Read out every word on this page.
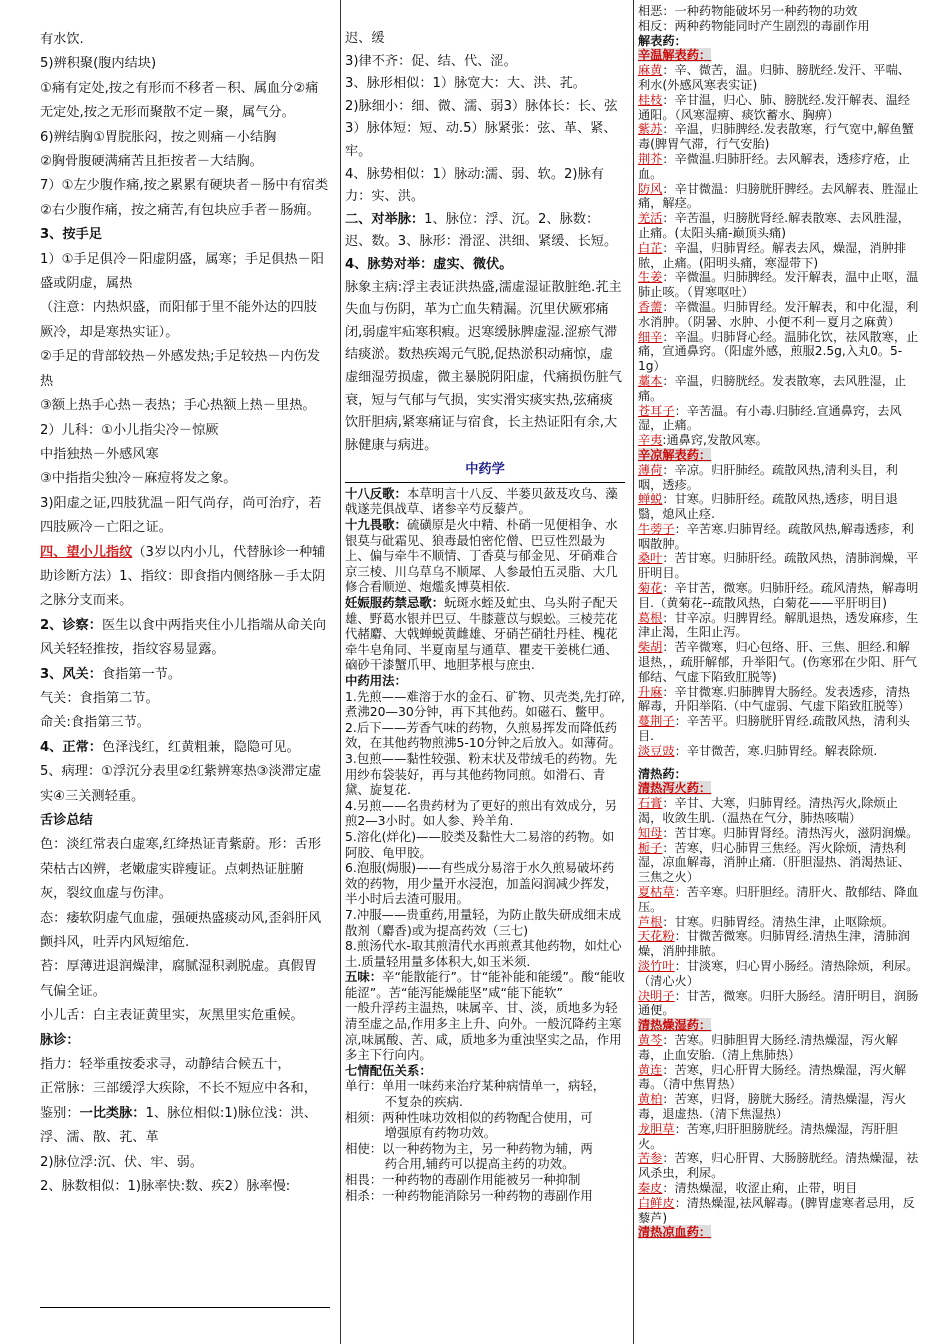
有水饮.
5)辨积聚(腹内结块)
①痛有定处,按之有形而不移者－积、属血分②痛无定处,按之无形而聚散不定－聚，属气分。
6)辨结胸①胃脘胀闷，按之则痛－小结胸
②胸骨腹硬满痛苦且拒按者－大结胸。
7）①左少腹作痛,按之累累有硬块者－肠中有宿类②右少腹作痛，按之痛苦,有包块应手者－肠痈。
3、按手足
1）①手足俱冷－阳虚阴盛，属寒；手足俱热－阳盛或阴虚，属热
（注意：内热炽盛，而阳郁于里不能外达的四肢厥冷，却是寒热实证）。
②手足的背部较热－外感发热;手足较热－内伤发热
③额上热手心热－表热；手心热额上热－里热。
2）儿科：①小儿指尖冷－惊厥
中指独热－外感风寒
③中指指尖独冷－麻痘将发之象。
3)阳虚之证,四肢犹温－阳气尚存，尚可治疗，若四肢厥冷－亡阳之证。
四、望小儿指纹（3岁以内小儿，代替脉诊一种辅助诊断方法）1、指纹：即食指内侧络脉－手太阴之脉分支而来。
2、诊察：医生以食中两指夹住小儿指端从命关向风关轻轻推按，指纹容易显露。
3、风关：食指第一节。
气关：食指第二节。
命关:食指第三节。
4、正常：色泽浅红，红黄粗兼，隐隐可见。
5、病理：①浮沉分表里②红紫辨寒热③淡滞定虚实④三关测轻重。
舌诊总结
色：淡红常表白虚寒,红绛热证青紫蔚。形：舌形荣枯古凶辨，老嫩虚实辟瘦证。点刺热证脏腑灰，裂纹血虚与伤津。
态：痿软阴虚气血虚，强硬热盛痰动风,歪斜肝风颤抖风，吐弄内风短缩危.
苔：厚薄进退润燥津，腐腻湿积剥脱虚。真假胃气偏全证。
小儿舌：白主表证黄里实，灰黑里实危重候。
脉诊：
指力：轻举重按委求寻，动静结合候五十，
正常脉：三部缓浮大疾除，不长不短应中各和，鉴别：一比类脉：1、脉位相似:1)脉位浅：洪、浮、濡、散、芤、革
2)脉位浮:沉、伏、牢、弱。
2、脉数相似：1)脉率快:数、疾2）脉率慢:
迟、缓
3)律不齐：促、结、代、涩。
3、脉形相似：1）脉宽大：大、洪、芤。
2)脉细小：细、微、濡、弱3）脉体长：长、弦
3）脉体短：短、动.5）脉紧张：弦、革、紧、牢。
4、脉势相似：1）脉动:濡、弱、软。2)脉有力：实、洪。
二、对举脉：1、脉位：浮、沉。2、脉数：迟、数。3、脉形：滑涩、洪细、紧缓、长短。
4、脉势对举：虚实、微伏。
脉象主病:浮主表证洪热盛,濡虚湿证散脏绝.芤主失血与伤阴，革为亡血失精漏。沉里伏厥邪痛闭,弱虚牢疝寒积瘕。迟寒缓脉脾虚湿.涩瘀气滞结痰淤。数热疾竭元气脱,促热淤积动痛惊，虚虚细湿劳损虚，微主暴脱阴阳虚，代痛损伤脏气衰，短与气郁与气损，实实滑实痰实热,弦痛痰饮肝胆病,紧寒痛证与宿食，长主热证阳有余,大脉健康与病进。
中药学
十八反歌：本草明言十八反、半蒌贝蔹芨攻乌、藻戟遂芫俱战草、诸参辛芍反藜芦。
十九畏歌：硫磺原是火中精、朴硝一见便相争、水银莫与砒霜见、狼毒最怕密佗僧、巴豆性烈最为上、偏与牵牛不顺情、丁香莫与郁金见、牙硝难合京三棱、川乌草乌不顺犀、人参最怕五灵脂、大几修合看顺逆、炮爁炙博莫相依.
妊娠服药禁忌歌：蚖斑水蛭及虻虫、乌头附子配天雄、野葛水银并巴豆、牛膝薏苡与蜈蚣。三棱芫花代赭麝、大戟蝉蜕黄雌雄、牙硝芒硝牡丹桂、槐花牵牛皂角同、半夏南星与通草、瞿麦干姜桃仁通、硇砂干漆蟹爪甲、地胆茅根与庶虫.
中药用法：
1.先煎——难溶于水的金石、矿物、贝壳类,先打碎,煮沸20—30分钟，再下其他药。如磁石、鳖甲。
2.后下——芳香气味的药物，久煎易挥发而降低药效，在其他药物煎沸5-10分钟之后放入。如薄荷。
3.包煎——黏性较强、粉末状及带绒毛的药物。先用纱布袋装好，再与其他药物同煎。如滑石、青黛、旋复花.
4.另煎——名贵药材为了更好的煎出有效成分，另煎2—3小时。如人参、羚羊角.
5.溶化(烊化)——胶类及黏性大二易溶的药物。如阿胶、龟甲胶。
6.泡服(焗服)——有些成分易溶于水久煎易破坏药效的药物，用少量开水浸泡，加盖闷润减少挥发，半小时后去渣可服用。
7.冲服——贵重药,用量轻，为防止散失研成细末成散剂（麝香)或为提高药效（三七)
8.煎汤代水-取其煎清代水再煎煮其他药物，如灶心土.质量轻用量多体积大,如玉米须.
五味：辛“能散能行”。甘“能补能和能缓”。酸“能收能涩”。苦“能泻能燥能坚”咸“能下能软”
一般升浮药主温热，味属辛、甘、淡，质地多为轻清至虚之品,作用多主上升、向外。一般沉降药主寒凉,味属酸、苦、咸，质地多为重浊坚实之品，作用多主下行向内。
七情配伍关系：
单行：单用一味药来治疗某种病情单一，病轻，
不复杂的疾病.
相须：两种性味功效相似的药物配合使用，可
增强原有药物功效。
相使：以一种药物为主，另一种药物为辅，两
药合用,辅药可以提高主药的功效。
相畏：一种药物的毒副作用能被另一种抑制
相杀：一种药物能消除另一种药物的毒副作用
相恶：一种药物能破坏另一种药物的功效
相反：两种药物能同时产生剧烈的毒副作用
解表药：
辛温解表药：
麻黄：辛、微苦，温。归肺、膀胱经.发汗、平喘、利水(外感风寒表实证)
桂枝：辛甘温，归心、肺、膀胱经.发汗解表、温经通阳。（风寒湿痹、痰饮蓄水、胸痹）
紫苏：辛温，归肺脾经.发表散寒，行气宽中,解鱼蟹毒(脾胃气滞，行气安胎)
荆芥：辛微温.归肺肝经。去风解表，透疹疗疮，止血。
防风：辛甘微温：归膀胱肝脾经。去风解表、胜湿止痛，解痉。
羌活：辛苦温，归膀胱肾经.解表散寒、去风胜湿，止痛。(太阳头痛-巅顶头痛)
白芷：辛温，归肺胃经。解表去风，燥湿，消肿排脓，止痛。(阳明头痛，寒湿带下)
生姜：辛微温。归肺脾经。发汗解表，温中止呕，温肺止咳。（胃寒呕吐）
香薷：辛微温。归肺胃经。发汗解表，和中化湿，利水消肿。（阴暑、水肿、小便不利－夏月之麻黄）
细辛：辛温。归肺肾心经。温肺化饮，祛风散寒，止痛，宣通鼻窍。（阳虚外感，煎服2.5g,入丸0。5-1g）
藁本：辛温，归膀胱经。发表散寒，去风胜湿，止痛。
苍耳子：辛苦温。有小毒.归肺经.宣通鼻窍，去风湿，止痛。
辛夷:通鼻窍,发散风寒。
辛凉解表药：
薄荷：辛凉。归肝肺经。疏散风热,清利头目，利咽，透疹。
蝉蜕：甘寒。归肺肝经。疏散风热,透疹，明目退翳，熄风止痉.
牛蒡子：辛苦寒.归肺胃经。疏散风热,解毒透疹，利咽散肿。
桑叶：苦甘寒。归肺肝经。疏散风热，清肺润燥，平肝明目。
菊花：辛甘苦，微寒。归肺肝经。疏风清热，解毒明目.（黄菊花--疏散风热，白菊花——平肝明目)
葛根：甘辛凉。归脾胃经。解肌退热，透发麻疹，生津止渴，生阳止泻。
柴胡：苦辛微寒，归心包络、肝、三焦、胆经.和解退热，，疏肝解郁，升举阳气。(伤寒邪在少阳、肝气郁结、气虚下陷致肛脱等)
升麻：辛甘微寒.归肺脾胃大肠经。发表透疹，清热解毒，升阳举陷.（中气虚弱、气虚下陷致肛脱等）
蔓荆子：辛苦平。归膀胱肝胃经.疏散风热，清利头目.
淡豆豉：辛甘微苦，寒.归肺胃经。解表除烦.
清热药：
清热泻火药：
石膏：辛甘、大寒，归肺胃经。清热泻火,除烦止渴，收敛生肌.（温热在气分，肺热咳喘）
知母：苦甘寒。归肺胃肾经。清热泻火，滋阴润燥。
栀子：苦寒，归心肺胃三焦经。泻火除烦，清热利湿，凉血解毒，消肿止痛.（肝胆湿热、消渴热证、三焦之火）
夏枯草：苦辛寒。归肝胆经。清肝火、散郁结、降血压。
芦根：甘寒。归肺胃经。清热生津，止呕除烦。
天花粉：甘微苦微寒。归肺胃经.清热生津，清肺润燥，消肿排脓。
淡竹叶：甘淡寒，归心胃小肠经。清热除烦，利尿。（清心火）
决明子：甘苦，微寒。归肝大肠经。清肝明目，润肠通便。
清热燥湿药：
黄芩：苦寒。归肺胆胃大肠经.清热燥湿，泻火解毒，止血安胎.（清上焦肺热）
黄连：苦寒，归心肝胃大肠经。清热燥湿，泻火解毒。（清中焦胃热）
黄柏：苦寒，归肾，膀胱大肠经。清热燥湿，泻火毒，退虚热.（清下焦湿热）
龙胆草：苦寒,归肝胆膀胱经。清热燥湿，泻肝胆火。
苦参：苦寒，归心肝胃、大肠膀胱经。清热燥湿，祛风杀虫，利尿。
秦皮：清热燥湿，收涩止痢，止带，明目
白鲜皮：清热燥湿,祛风解毒。(脾胃虚寒者忌用，反藜芦)
清热凉血药：
